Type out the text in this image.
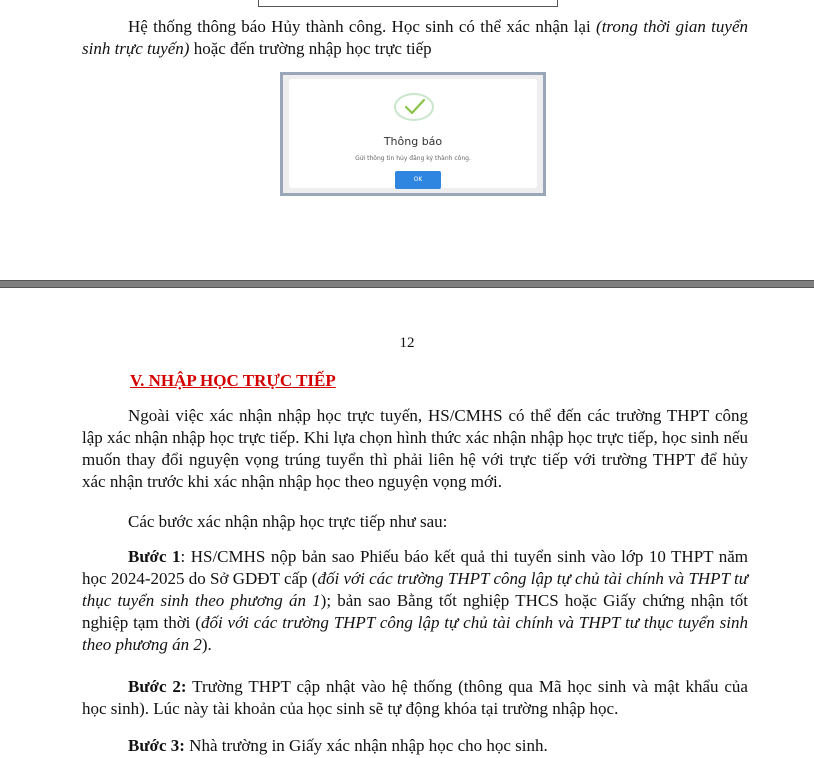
Hệ thống thông báo Hủy thành công. Học sinh có thể xác nhận lại (trong thời gian tuyển sinh trực tuyến) hoặc đến trường nhập học trực tiếp

Thông báo
Gửi thông tin hủy đăng ký thành công.
OK
12
V. NHẬP HỌC TRỰC TIẾP

Ngoài việc xác nhận nhập học trực tuyến, HS/CMHS có thể đến các trường THPT công lập xác nhận nhập học trực tiếp. Khi lựa chọn hình thức xác nhận nhập học trực tiếp, học sinh nếu muốn thay đổi nguyện vọng trúng tuyển thì phải liên hệ với trực tiếp với trường THPT để hủy xác nhận trước khi xác nhận nhập học theo nguyện vọng mới.

Các bước xác nhận nhập học trực tiếp như sau:

Bước 1: HS/CMHS nộp bản sao Phiếu báo kết quả thi tuyển sinh vào lớp 10 THPT năm học 2024-2025 do Sở GDĐT cấp (đối với các trường THPT công lập tự chủ tài chính và THPT tư thục tuyển sinh theo phương án 1); bản sao Bằng tốt nghiệp THCS hoặc Giấy chứng nhận tốt nghiệp tạm thời (đối với các trường THPT công lập tự chủ tài chính và THPT tư thục tuyển sinh theo phương án 2).

Bước 2: Trường THPT cập nhật vào hệ thống (thông qua Mã học sinh và mật khẩu của học sinh). Lúc này tài khoản của học sinh sẽ tự động khóa tại trường nhập học.

Bước 3: Nhà trường in Giấy xác nhận nhập học cho học sinh.
